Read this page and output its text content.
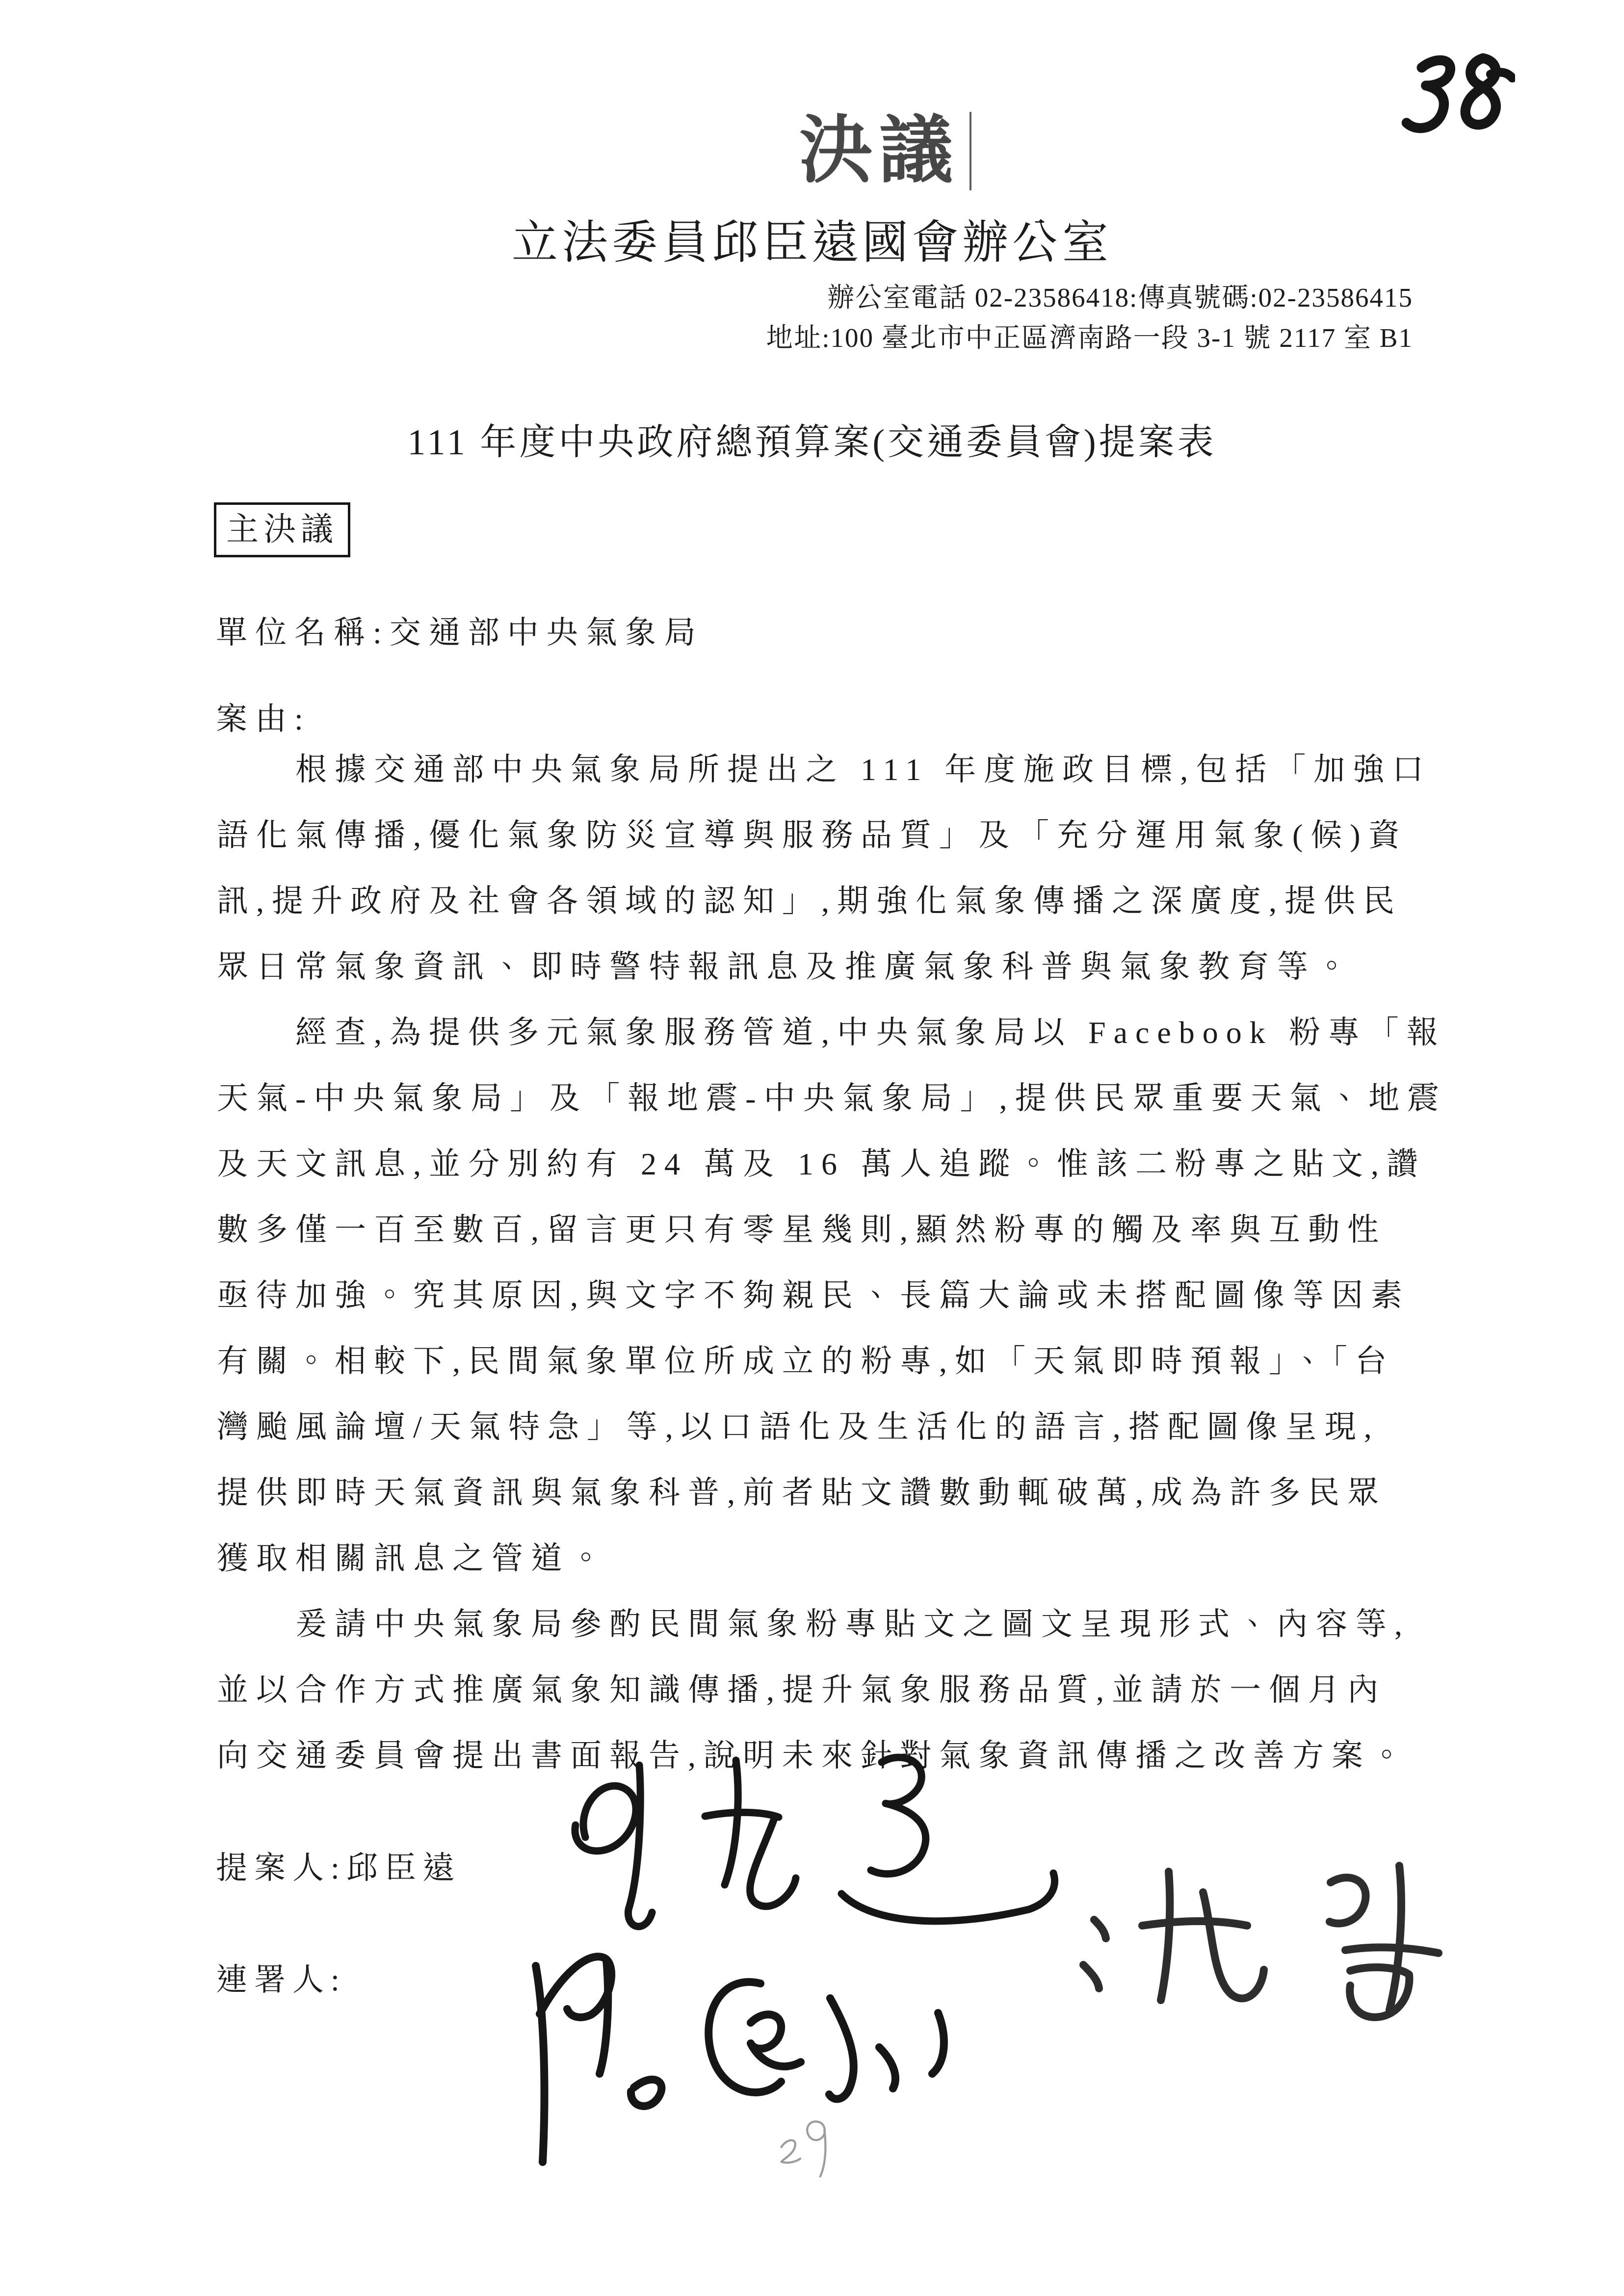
決議
立法委員邱臣遠國會辦公室
辦公室電話 02-23586418:傳真號碼:02-23586415
地址:100 臺北市中正區濟南路一段 3-1 號 2117 室 B1
111 年度中央政府總預算案(交通委員會)提案表
主決議
單位名稱:交通部中央氣象局
案由:
根據交通部中央氣象局所提出之 111 年度施政目標,包括「加強口
語化氣傳播,優化氣象防災宣導與服務品質」及「充分運用氣象(候)資
訊,提升政府及社會各領域的認知」,期強化氣象傳播之深廣度,提供民
眾日常氣象資訊、即時警特報訊息及推廣氣象科普與氣象教育等。
經查,為提供多元氣象服務管道,中央氣象局以 Facebook 粉專「報
天氣-中央氣象局」及「報地震-中央氣象局」,提供民眾重要天氣、地震
及天文訊息,並分別約有 24 萬及 16 萬人追蹤。惟該二粉專之貼文,讚
數多僅一百至數百,留言更只有零星幾則,顯然粉專的觸及率與互動性
亟待加強。究其原因,與文字不夠親民、長篇大論或未搭配圖像等因素
有關。相較下,民間氣象單位所成立的粉專,如「天氣即時預報」、「台
灣颱風論壇/天氣特急」等,以口語化及生活化的語言,搭配圖像呈現,
提供即時天氣資訊與氣象科普,前者貼文讚數動輒破萬,成為許多民眾
獲取相關訊息之管道。
爰請中央氣象局參酌民間氣象粉專貼文之圖文呈現形式、內容等,
並以合作方式推廣氣象知識傳播,提升氣象服務品質,並請於一個月內
向交通委員會提出書面報告,說明未來針對氣象資訊傳播之改善方案。
提案人:邱臣遠
連署人:
